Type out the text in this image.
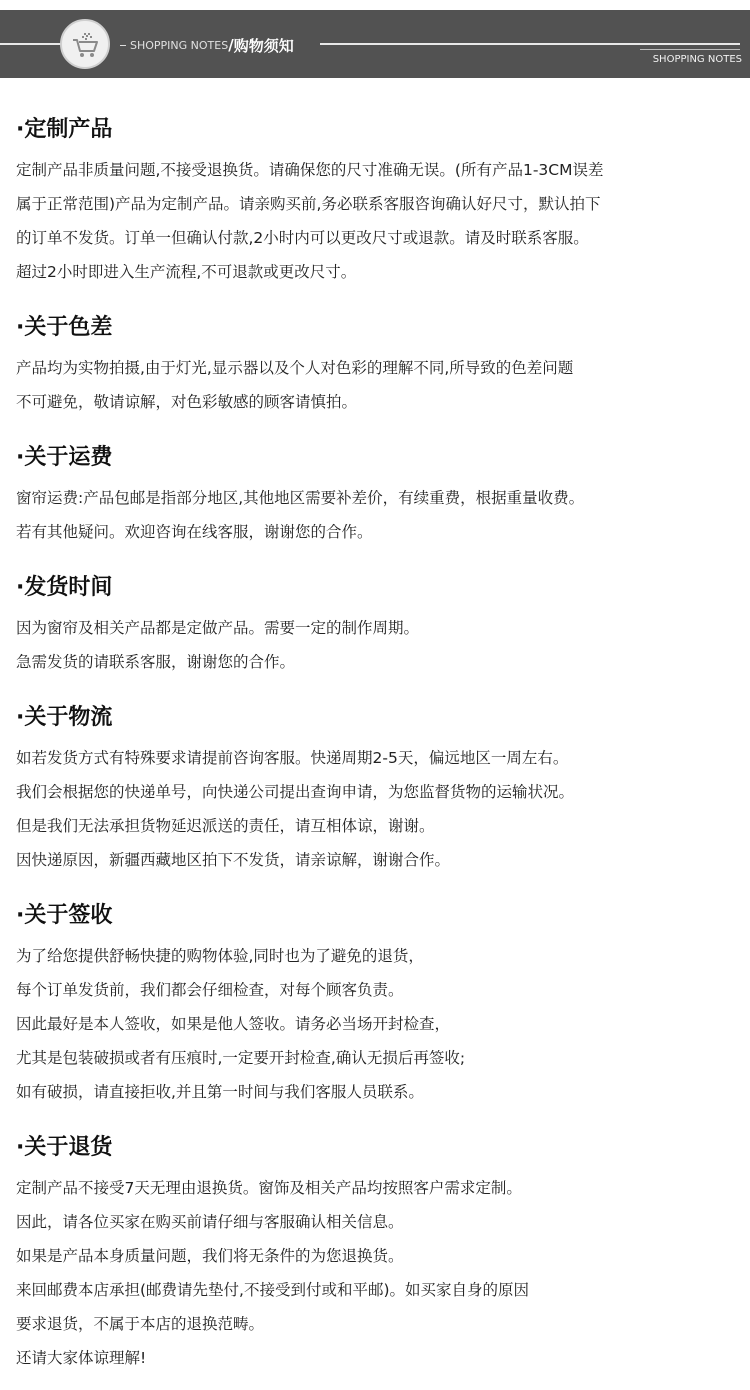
SHOPPING NOTES / 购物须知
SHOPPING NOTES
·定制产品

定制产品非质量问题,不接受退换货。请确保您的尺寸准确无误。(所有产品1-3CM误差

属于正常范围)产品为定制产品。请亲购买前,务必联系客服咨询确认好尺寸，默认拍下

的订单不发货。订单一但确认付款,2小时内可以更改尺寸或退款。请及时联系客服。

超过2小时即进入生产流程,不可退款或更改尺寸。

·关于色差

产品均为实物拍摄,由于灯光,显示器以及个人对色彩的理解不同,所导致的色差问题

不可避免，敬请谅解，对色彩敏感的顾客请慎拍。

·关于运费

窗帘运费:产品包邮是指部分地区,其他地区需要补差价，有续重费，根据重量收费。

若有其他疑问。欢迎咨询在线客服，谢谢您的合作。

·发货时间

因为窗帘及相关产品都是定做产品。需要一定的制作周期。

急需发货的请联系客服，谢谢您的合作。

·关于物流

如若发货方式有特殊要求请提前咨询客服。快递周期2-5天，偏远地区一周左右。

我们会根据您的快递单号，向快递公司提出查询申请，为您监督货物的运输状况。

但是我们无法承担货物延迟派送的责任，请互相体谅，谢谢。

因快递原因，新疆西藏地区拍下不发货，请亲谅解，谢谢合作。

·关于签收

为了给您提供舒畅快捷的购物体验,同时也为了避免的退货，

每个订单发货前，我们都会仔细检查，对每个顾客负责。

因此最好是本人签收，如果是他人签收。请务必当场开封检查，

尤其是包装破损或者有压痕时,一定要开封检查,确认无损后再签收;

如有破损，请直接拒收,并且第一时间与我们客服人员联系。

·关于退货

定制产品不接受7天无理由退换货。窗饰及相关产品均按照客户需求定制。

因此，请各位买家在购买前请仔细与客服确认相关信息。

如果是产品本身质量问题，我们将无条件的为您退换货。

来回邮费本店承担(邮费请先垫付,不接受到付或和平邮)。如买家自身的原因

要求退货，不属于本店的退换范畴。

还请大家体谅理解!
